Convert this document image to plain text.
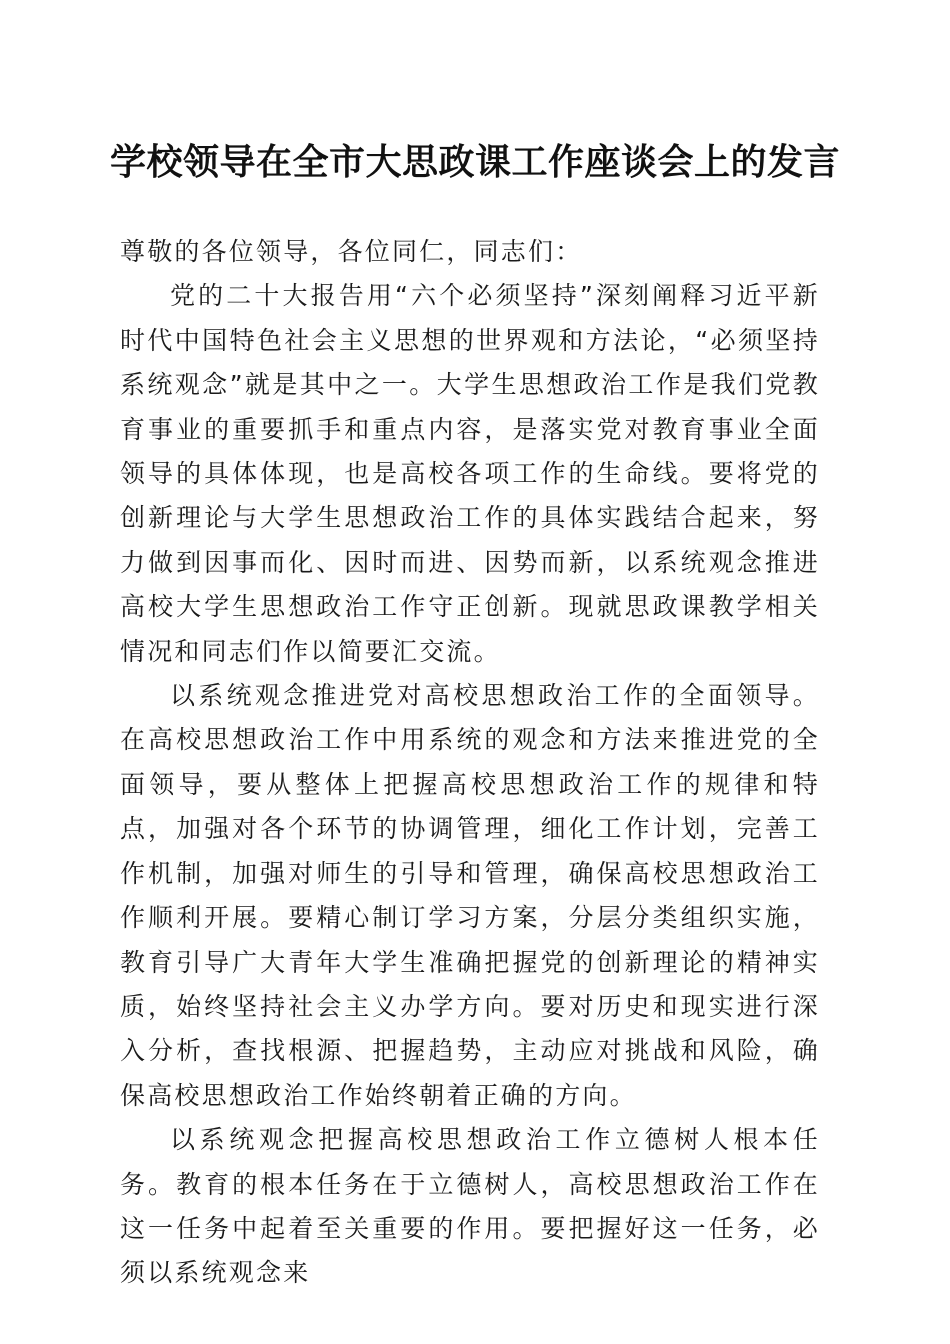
学校领导在全市大思政课工作座谈会上的发言

尊敬的各位领导，各位同仁，同志们：

党的二十大报告用“六个必须坚持”深刻阐释习近平新时代中国特色社会主义思想的世界观和方法论，“必须坚持系统观念”就是其中之一。大学生思想政治工作是我们党教育事业的重要抓手和重点内容，是落实党对教育事业全面领导的具体体现，也是高校各项工作的生命线。要将党的创新理论与大学生思想政治工作的具体实践结合起来，努力做到因事而化、因时而进、因势而新，以系统观念推进高校大学生思想政治工作守正创新。现就思政课教学相关情况和同志们作以简要汇交流。

以系统观念推进党对高校思想政治工作的全面领导。在高校思想政治工作中用系统的观念和方法来推进党的全面领导，要从整体上把握高校思想政治工作的规律和特点，加强对各个环节的协调管理，细化工作计划，完善工作机制，加强对师生的引导和管理，确保高校思想政治工作顺利开展。要精心制订学习方案，分层分类组织实施，教育引导广大青年大学生准确把握党的创新理论的精神实质，始终坚持社会主义办学方向。要对历史和现实进行深入分析，查找根源、把握趋势，主动应对挑战和风险，确保高校思想政治工作始终朝着正确的方向。

以系统观念把握高校思想政治工作立德树人根本任务。教育的根本任务在于立德树人，高校思想政治工作在这一任务中起着至关重要的作用。要把握好这一任务，必须以系统观念来
